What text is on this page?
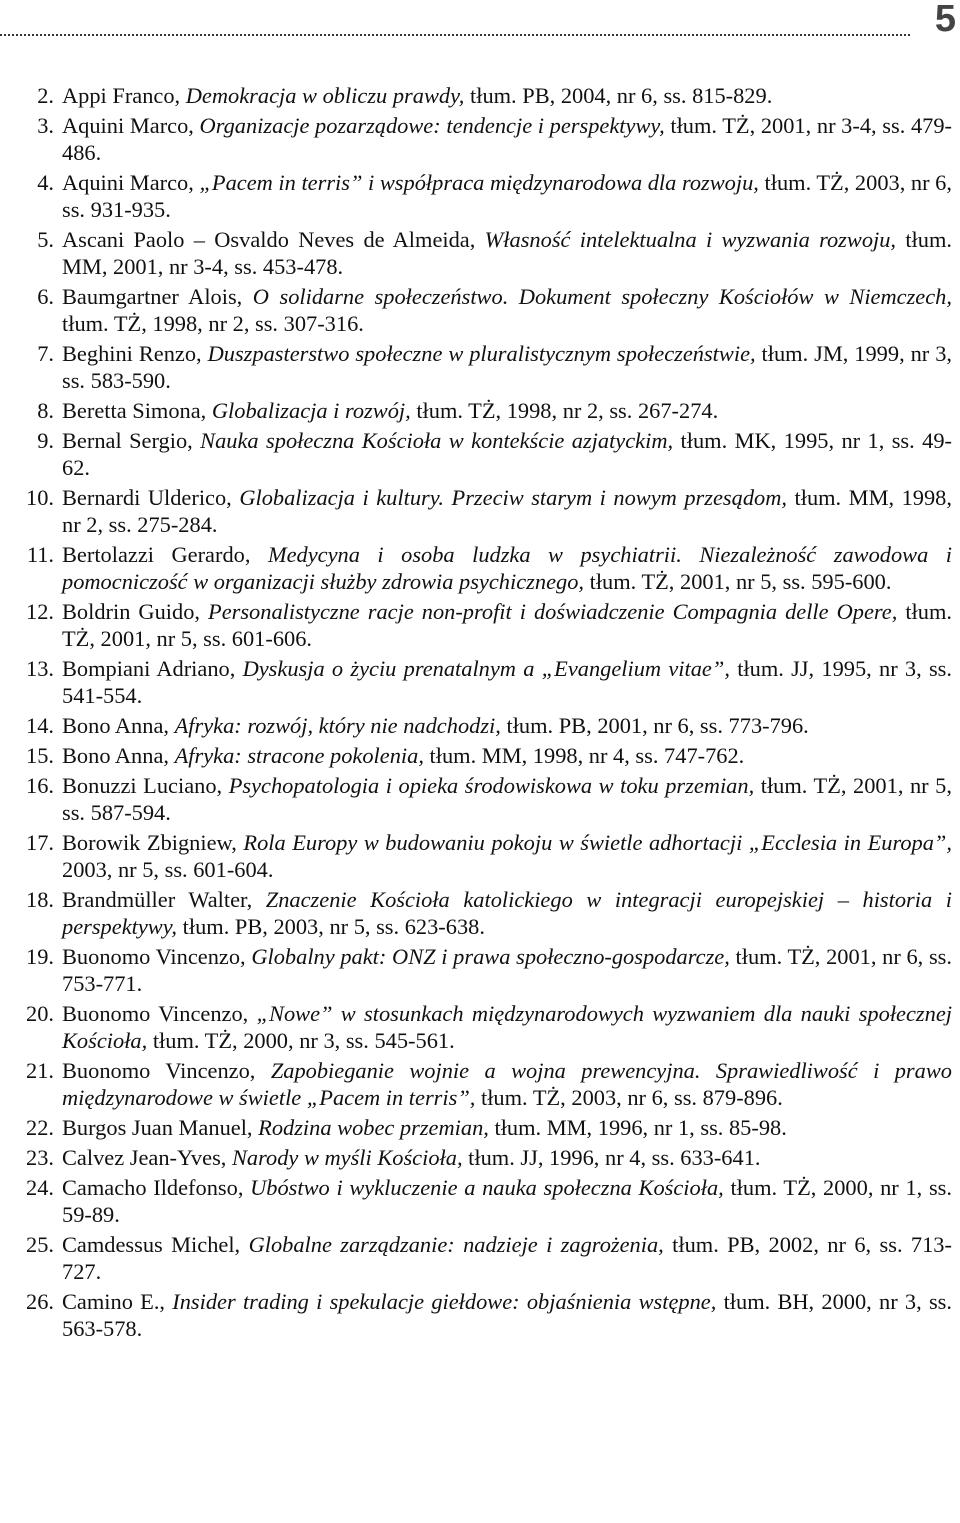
5
2. Appi Franco, Demokracja w obliczu prawdy, tłum. PB, 2004, nr 6, ss. 815-829.
3. Aquini Marco, Organizacje pozarządowe: tendencje i perspektywy, tłum. TŻ, 2001, nr 3-4, ss. 479-486.
4. Aquini Marco, „Pacem in terris” i współpraca międzynarodowa dla rozwoju, tłum. TŻ, 2003, nr 6, ss. 931-935.
5. Ascani Paolo – Osvaldo Neves de Almeida, Własność intelektualna i wyzwania rozwoju, tłum. MM, 2001, nr 3-4, ss. 453-478.
6. Baumgartner Alois, O solidarne społeczeństwo. Dokument społeczny Kościołów w Niemczech, tłum. TŻ, 1998, nr 2, ss. 307-316.
7. Beghini Renzo, Duszpasterstwo społeczne w pluralistycznym społeczeństwie, tłum. JM, 1999, nr 3, ss. 583-590.
8. Beretta Simona, Globalizacja i rozwój, tłum. TŻ, 1998, nr 2, ss. 267-274.
9. Bernal Sergio, Nauka społeczna Kościoła w kontekście azjatyckim, tłum. MK, 1995, nr 1, ss. 49-62.
10. Bernardi Ulderico, Globalizacja i kultury. Przeciw starym i nowym przesądom, tłum. MM, 1998, nr 2, ss. 275-284.
11. Bertolazzi Gerardo, Medycyna i osoba ludzka w psychiatrii. Niezależność zawodowa i pomocniczość w organizacji służby zdrowia psychicznego, tłum. TŻ, 2001, nr 5, ss. 595-600.
12. Boldrin Guido, Personalistyczne racje non-profit i doświadczenie Compagnia delle Opere, tłum. TŻ, 2001, nr 5, ss. 601-606.
13. Bompiani Adriano, Dyskusja o życiu prenatalnym a „Evangelium vitae”, tłum. JJ, 1995, nr 3, ss. 541-554.
14. Bono Anna, Afryka: rozwój, który nie nadchodzi, tłum. PB, 2001, nr 6, ss. 773-796.
15. Bono Anna, Afryka: stracone pokolenia, tłum. MM, 1998, nr 4, ss. 747-762.
16. Bonuzzi Luciano, Psychopatologia i opieka środowiskowa w toku przemian, tłum. TŻ, 2001, nr 5, ss. 587-594.
17. Borowik Zbigniew, Rola Europy w budowaniu pokoju w świetle adhortacji „Ecclesia in Europa”, 2003, nr 5, ss. 601-604.
18. Brandmüller Walter, Znaczenie Kościoła katolickiego w integracji europejskiej – historia i perspektywy, tłum. PB, 2003, nr 5, ss. 623-638.
19. Buonomo Vincenzo, Globalny pakt: ONZ i prawa społeczno-gospodarcze, tłum. TŻ, 2001, nr 6, ss. 753-771.
20. Buonomo Vincenzo, „Nowe” w stosunkach międzynarodowych wyzwaniem dla nauki społecznej Kościoła, tłum. TŻ, 2000, nr 3, ss. 545-561.
21. Buonomo Vincenzo, Zapobieganie wojnie a wojna prewencyjna. Sprawiedliwość i prawo międzynarodowe w świetle „Pacem in terris”, tłum. TŻ, 2003, nr 6, ss. 879-896.
22. Burgos Juan Manuel, Rodzina wobec przemian, tłum. MM, 1996, nr 1, ss. 85-98.
23. Calvez Jean-Yves, Narody w myśli Kościoła, tłum. JJ, 1996, nr 4, ss. 633-641.
24. Camacho Ildefonso, Ubóstwo i wykluczenie a nauka społeczna Kościoła, tłum. TŻ, 2000, nr 1, ss. 59-89.
25. Camdessus Michel, Globalne zarządzanie: nadzieje i zagrożenia, tłum. PB, 2002, nr 6, ss. 713-727.
26. Camino E., Insider trading i spekulacje giełdowe: objaśnienia wstępne, tłum. BH, 2000, nr 3, ss. 563-578.
